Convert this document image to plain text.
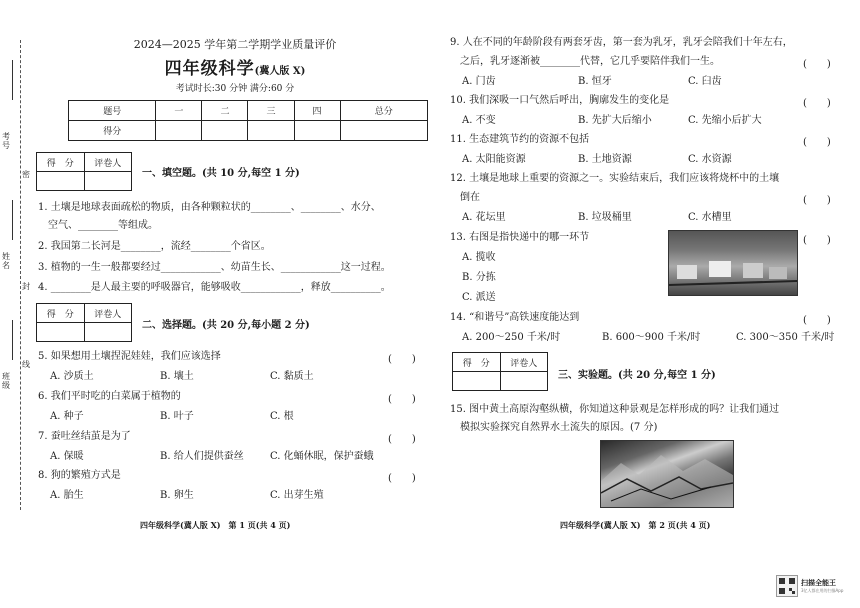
考号
密
姓名
封
班级
线
2024—2025 学年第二学期学业质量评价
四年级科学(冀人版 X)
考试时长:30 分钟 满分:60 分
题号	一	二	三	四	总分
得分					
得　分	评卷人

一、填空题。(共 10 分,每空 1 分)
1. 土壤是地球表面疏松的物质，由各种颗粒状的________、________、水分、
　空气、________等组成。
2. 我国第二长河是________，流经________个省区。
3. 植物的一生一般都要经过____________、幼苗生长、____________这一过程。
4. ________是人最主要的呼吸器官，能够吸收____________，释放__________。
得　分	评卷人

二、选择题。(共 20 分,每小题 2 分)
5. 如果想用土壤捏泥娃娃，我们应该选择	(　　)
A. 沙质土	B. 壤土	C. 黏质土
6. 我们平时吃的白菜属于植物的	(　　)
A. 种子	B. 叶子	C. 根
7. 蚕吐丝结茧是为了	(　　)
A. 保暖	B. 给人们提供蚕丝	C. 化蛹休眠，保护蚕蛾
8. 狗的繁殖方式是	(　　)
A. 胎生	B. 卵生	C. 出芽生殖
四年级科学(冀人版 X)　第 1 页(共 4 页)
9. 人在不同的年龄阶段有两套牙齿，第一套为乳牙，乳牙会陪我们十年左右，
　之后，乳牙逐渐被________代替，它几乎要陪伴我们一生。	(　　)
A. 门齿	B. 恒牙	C. 臼齿
10. 我们深吸一口气然后呼出，胸廓发生的变化是	(　　)
A. 不变	B. 先扩大后缩小	C. 先缩小后扩大
11. 生态建筑节约的资源不包括	(　　)
A. 太阳能资源	B. 土地资源	C. 水资源
12. 土壤是地球上重要的资源之一。实验结束后，我们应该将烧杯中的土壤
　倒在	(　　)
A. 花坛里	B. 垃圾桶里	C. 水槽里
13. 右图是指快递中的哪一环节	(　　)
A. 揽收
B. 分拣
C. 派送
14. “和谐号”高铁速度能达到	(　　)
A. 200～250 千米/时	B. 600～900 千米/时	C. 300～350 千米/时
得　分	评卷人

三、实验题。(共 20 分,每空 1 分)
15. 图中黄土高原沟壑纵横，你知道这种景观是怎样形成的吗？让我们通过
　模拟实验探究自然界水土流失的原因。(7 分)
四年级科学(冀人版 X)　第 2 页(共 4 页)
扫描全能王
3亿人都在用的扫描App
